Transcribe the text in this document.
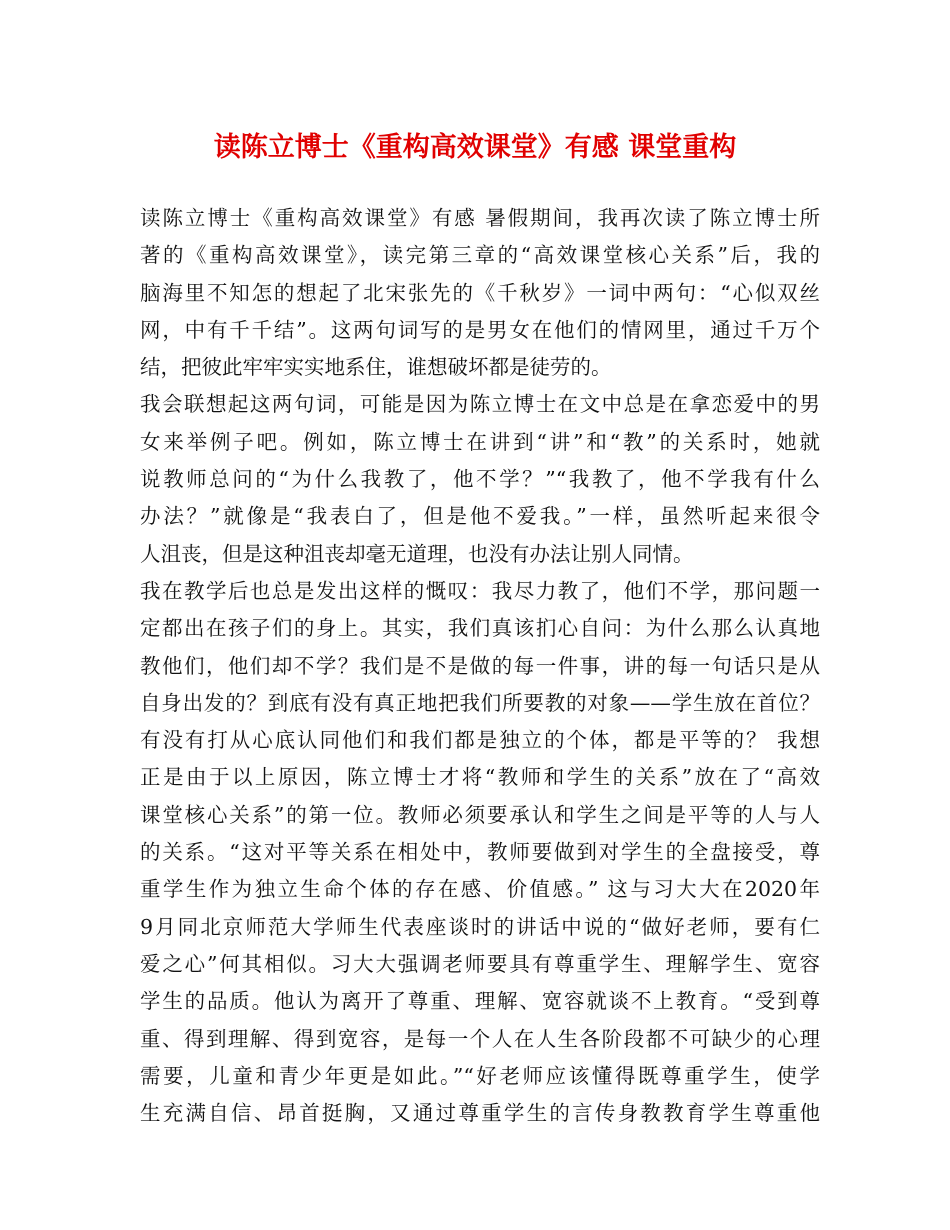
读陈立博士《重构高效课堂》有感 课堂重构
读陈立博士《重构高效课堂》有感 暑假期间，我再次读了陈立博士所
著的《重构高效课堂》，读完第三章的“高效课堂核心关系”后，我的
脑海里不知怎的想起了北宋张先的《千秋岁》一词中两句：“心似双丝
网，中有千千结”。这两句词写的是男女在他们的情网里，通过千万个
结，把彼此牢牢实实地系住，谁想破坏都是徒劳的。
我会联想起这两句词，可能是因为陈立博士在文中总是在拿恋爱中的男
女来举例子吧。例如，陈立博士在讲到“讲”和“教”的关系时，她就
说教师总问的“为什么我教了，他不学？”“我教了，他不学我有什么
办法？”就像是“我表白了，但是他不爱我。”一样，虽然听起来很令
人沮丧，但是这种沮丧却毫无道理，也没有办法让别人同情。
我在教学后也总是发出这样的慨叹：我尽力教了，他们不学，那问题一
定都出在孩子们的身上。其实，我们真该扪心自问：为什么那么认真地
教他们，他们却不学？我们是不是做的每一件事，讲的每一句话只是从
自身出发的？到底有没有真正地把我们所要教的对象——学生放在首位？
有没有打从心底认同他们和我们都是独立的个体，都是平等的？ 我想
正是由于以上原因，陈立博士才将“教师和学生的关系”放在了“高效
课堂核心关系”的第一位。教师必须要承认和学生之间是平等的人与人
的关系。“这对平等关系在相处中，教师要做到对学生的全盘接受，尊
重学生作为独立生命个体的存在感、价值感。” 这与习大大在2020年
9月同北京师范大学师生代表座谈时的讲话中说的“做好老师，要有仁
爱之心”何其相似。习大大强调老师要具有尊重学生、理解学生、宽容
学生的品质。他认为离开了尊重、理解、宽容就谈不上教育。“受到尊
重、得到理解、得到宽容，是每一个人在人生各阶段都不可缺少的心理
需要，儿童和青少年更是如此。”“好老师应该懂得既尊重学生，使学
生充满自信、昂首挺胸，又通过尊重学生的言传身教教育学生尊重他
